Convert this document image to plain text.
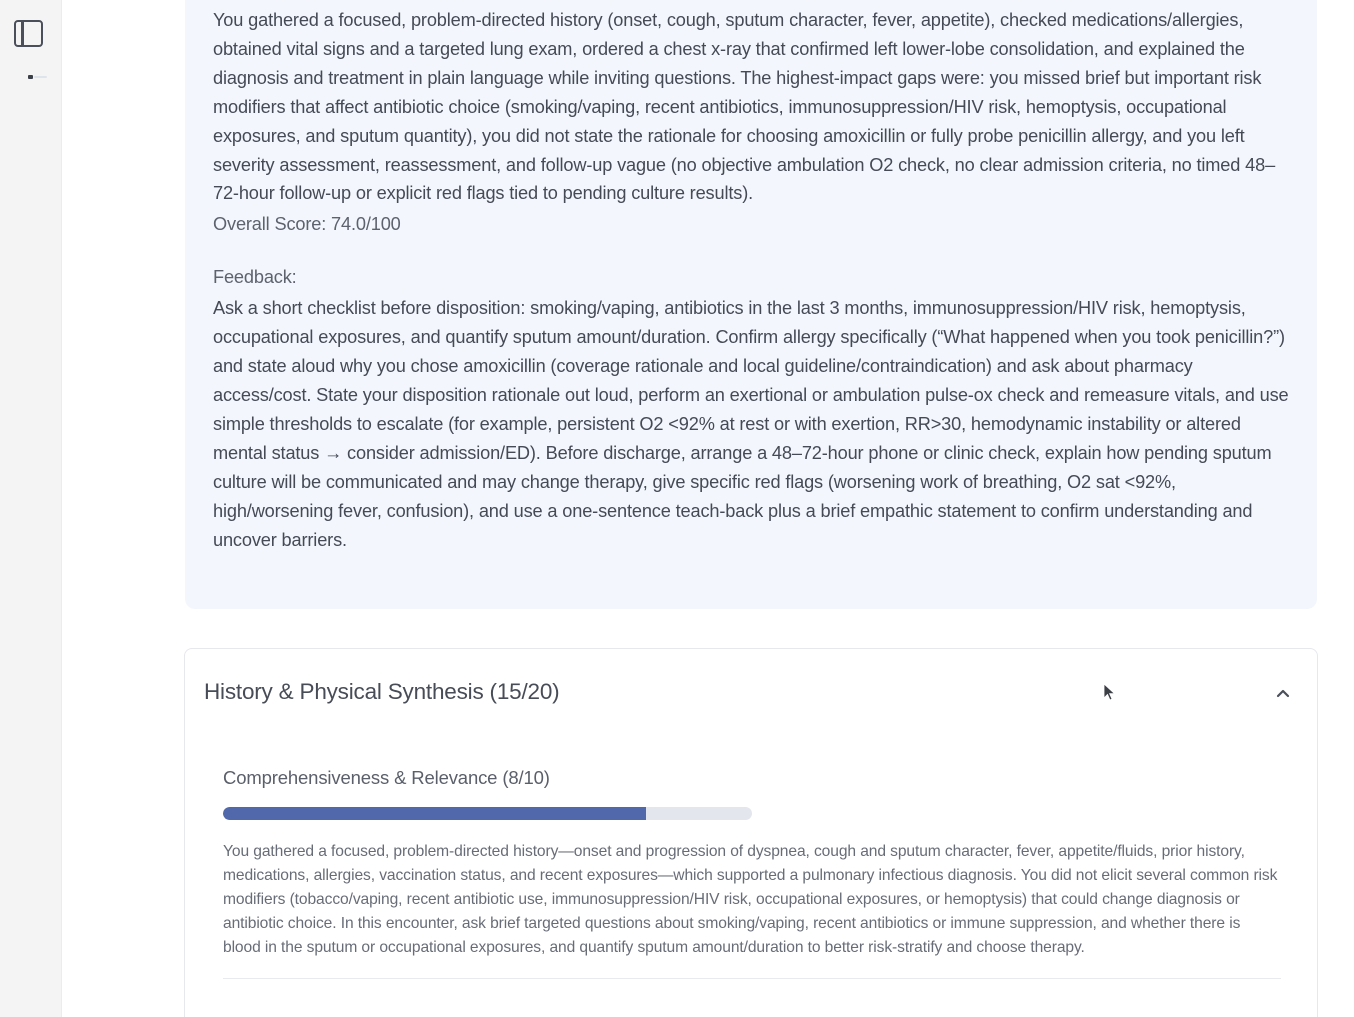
You gathered a focused, problem-directed history (onset, cough, sputum character, fever, appetite), checked medications/allergies, obtained vital signs and a targeted lung exam, ordered a chest x-ray that confirmed left lower-lobe consolidation, and explained the diagnosis and treatment in plain language while inviting questions. The highest-impact gaps were: you missed brief but important risk modifiers that affect antibiotic choice (smoking/vaping, recent antibiotics, immunosuppression/HIV risk, hemoptysis, occupational exposures, and sputum quantity), you did not state the rationale for choosing amoxicillin or fully probe penicillin allergy, and you left severity assessment, reassessment, and follow-up vague (no objective ambulation O2 check, no clear admission criteria, no timed 48–72-hour follow-up or explicit red flags tied to pending culture results).

Overall Score: 74.0/100

Feedback:

Ask a short checklist before disposition: smoking/vaping, antibiotics in the last 3 months, immunosuppression/HIV risk, hemoptysis, occupational exposures, and quantify sputum amount/duration. Confirm allergy specifically (“What happened when you took penicillin?”) and state aloud why you chose amoxicillin (coverage rationale and local guideline/contraindication) and ask about pharmacy access/cost. State your disposition rationale out loud, perform an exertional or ambulation pulse-ox check and remeasure vitals, and use simple thresholds to escalate (for example, persistent O2 <92% at rest or with exertion, RR>30, hemodynamic instability or altered mental status → consider admission/ED). Before discharge, arrange a 48–72-hour phone or clinic check, explain how pending sputum culture will be communicated and may change therapy, give specific red flags (worsening work of breathing, O2 sat <92%, high/worsening fever, confusion), and use a one-sentence teach-back plus a brief empathic statement to confirm understanding and uncover barriers.

History & Physical Synthesis (15/20)
Comprehensiveness & Relevance (8/10)

You gathered a focused, problem-directed history—onset and progression of dyspnea, cough and sputum character, fever, appetite/fluids, prior history, medications, allergies, vaccination status, and recent exposures—which supported a pulmonary infectious diagnosis. You did not elicit several common risk modifiers (tobacco/vaping, recent antibiotic use, immunosuppression/HIV risk, occupational exposures, or hemoptysis) that could change diagnosis or antibiotic choice. In this encounter, ask brief targeted questions about smoking/vaping, recent antibiotics or immune suppression, and whether there is blood in the sputum or occupational exposures, and quantify sputum amount/duration to better risk-stratify and choose therapy.
